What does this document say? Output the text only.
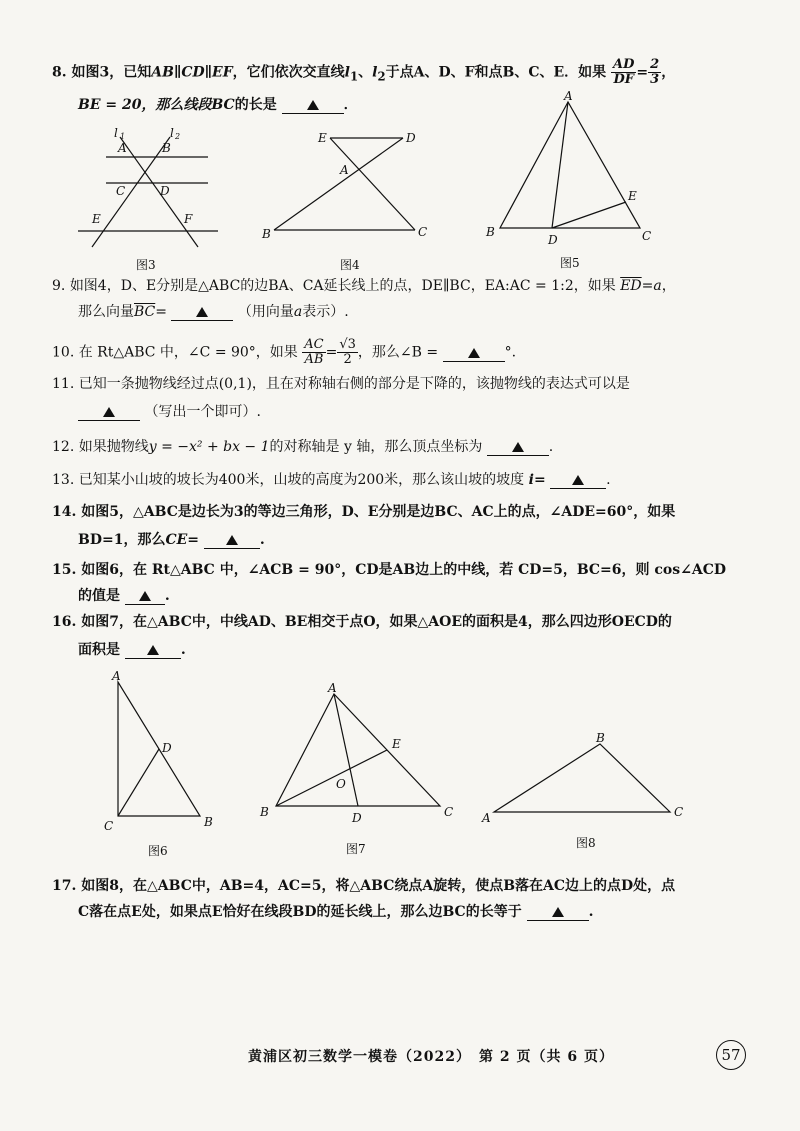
8. 如图3，已知AB∥CD∥EF，它们依次交直线$l_1$、$l_2$于点A、D、F和点B、C、E．如果 $\frac{AD}{DF} = \frac{2}{3}$ ，
BE = 20，那么线段BC的长是	．
l 1	l 2
A	B
C	D
E	F
图3
E	D
A
B	C
图4
A
B	C
D
E
图5
9. 如图4，D、E分别是△ABC的边BA、CA延长线上的点，DE∥BC，EA:AC = 1:2，如果 $\overline{ED}=a$，
那么向量$\overline{BC}=$	（用向量a表示）.
10. 在 Rt△ABC 中，∠C = 90°，如果 $\frac{AC}{AB} = \frac{√3}{2}$ ，那么∠B =	°.
11. 已知一条抛物线经过点(0,1)，且在对称轴右侧的部分是下降的，该抛物线的表达式可以是
（写出一个即可）.
12. 如果抛物线y = −x² + bx − 1的对称轴是 y 轴，那么顶点坐标为	.
13. 已知某小山坡的坡长为400米，山坡的高度为200米，那么该山坡的坡度 i=	.
14. 如图5，△ABC是边长为3的等边三角形，D、E分别是边BC、AC上的点，∠ADE=60°，如果
BD=1，那么CE=	.
15. 如图6，在 Rt△ABC 中，∠ACB = 90°，CD是AB边上的中线，若 CD=5，BC=6，则 cos∠ACD
的值是	.
16. 如图7，在△ABC中，中线AD、BE相交于点O，如果△AOE的面积是4，那么四边形OECD的
面积是	.
A
D
C	B
图6
A
E
O
B	D	C
图7
B
A	C
图8
17. 如图8，在△ABC中，AB=4，AC=5，将△ABC绕点A旋转，使点B落在AC边上的点D处，点
C落在点E处，如果点E恰好在线段BD的延长线上，那么边BC的长等于	.
黄浦区初三数学一模卷（2022）　第 2 页（共 6 页）	57
